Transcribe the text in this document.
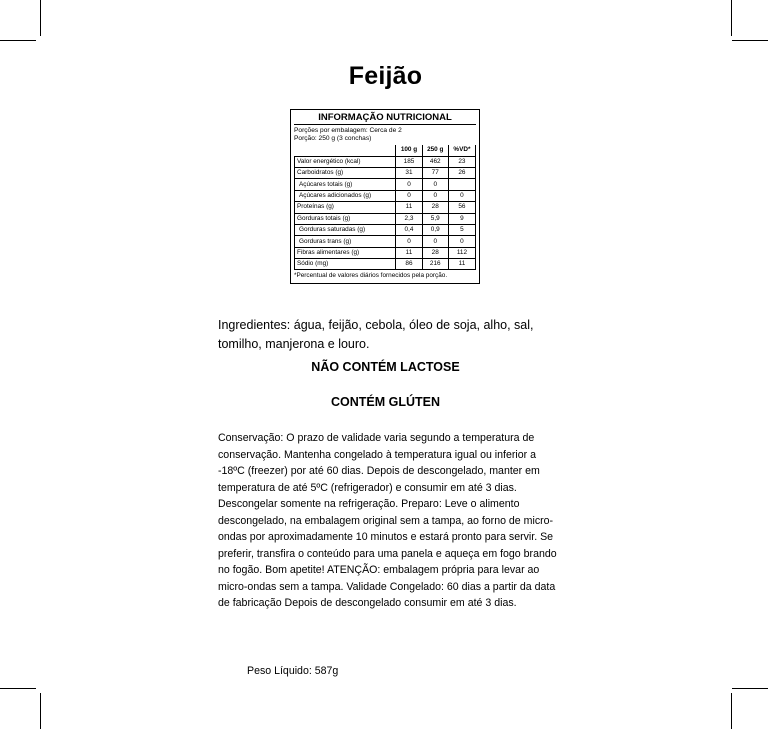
Feijão
INFORMAÇÃO NUTRICIONAL
Porções por embalagem: Cerca de 2
Porção: 250 g (3 conchas)
	100 g	250 g	%VD*
Valor energético (kcal)	185	462	23
Carboidratos (g)	31	77	26
Açúcares totais (g)	0	0	
Açúcares adicionados (g)	0	0	0
Proteínas (g)	11	28	56
Gorduras totais (g)	2,3	5,9	9
Gorduras saturadas (g)	0,4	0,9	5
Gorduras trans (g)	0	0	0
Fibras alimentares (g)	11	28	112
Sódio (mg)	86	216	11
*Percentual de valores diários fornecidos pela porção.
Ingredientes: água, feijão, cebola, óleo de soja, alho, sal, tomilho, manjerona e louro.
NÃO CONTÉM LACTOSE
CONTÉM GLÚTEN
Conservação: O prazo de validade varia segundo a temperatura de conservação. Mantenha congelado à temperatura igual ou inferior a -18ºC (freezer) por até 60 dias. Depois de descongelado, manter em temperatura de até 5ºC (refrigerador) e consumir em até 3 dias. Descongelar somente na refrigeração. Preparo: Leve o alimento descongelado, na embalagem original sem a tampa, ao forno de micro-ondas por aproximadamente 10 minutos e estará pronto para servir. Se preferir, transfira o conteúdo para uma panela e aqueça em fogo brando no fogão. Bom apetite! ATENÇÃO: embalagem própria para levar ao micro-ondas sem a tampa. Validade Congelado: 60 dias a partir da data de fabricação Depois de descongelado consumir em até 3 dias.
Peso Líquido: 587g
